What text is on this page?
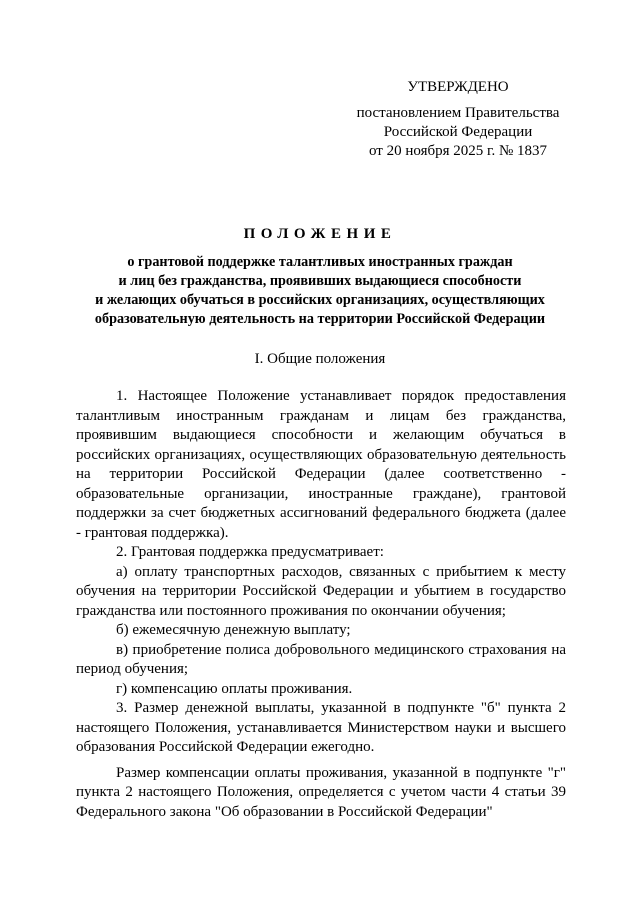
УТВЕРЖДЕНО
постановлением Правительства
Российской Федерации
от 20 ноября 2025 г. № 1837
ПОЛОЖЕНИЕ
о грантовой поддержке талантливых иностранных граждан
и лиц без гражданства, проявивших выдающиеся способности
и желающих обучаться в российских организациях, осуществляющих
образовательную деятельность на территории Российской Федерации
I. Общие положения

1. Настоящее Положение устанавливает порядок предоставления талантливым иностранным гражданам и лицам без гражданства, проявившим выдающиеся способности и желающим обучаться в российских организациях, осуществляющих образовательную деятельность на территории Российской Федерации (далее соответственно - образовательные организации, иностранные граждане), грантовой поддержки за счет бюджетных ассигнований федерального бюджета (далее - грантовая поддержка).

2. Грантовая поддержка предусматривает:

а) оплату транспортных расходов, связанных с прибытием к месту обучения на территории Российской Федерации и убытием в государство гражданства или постоянного проживания по окончании обучения;

б) ежемесячную денежную выплату;

в) приобретение полиса добровольного медицинского страхования на период обучения;

г) компенсацию оплаты проживания.

3. Размер денежной выплаты, указанной в подпункте "б" пункта 2 настоящего Положения, устанавливается Министерством науки и высшего образования Российской Федерации ежегодно.

Размер компенсации оплаты проживания, указанной в подпункте "г" пункта 2 настоящего Положения, определяется с учетом части 4 статьи 39 Федерального закона "Об образовании в Российской Федерации"
